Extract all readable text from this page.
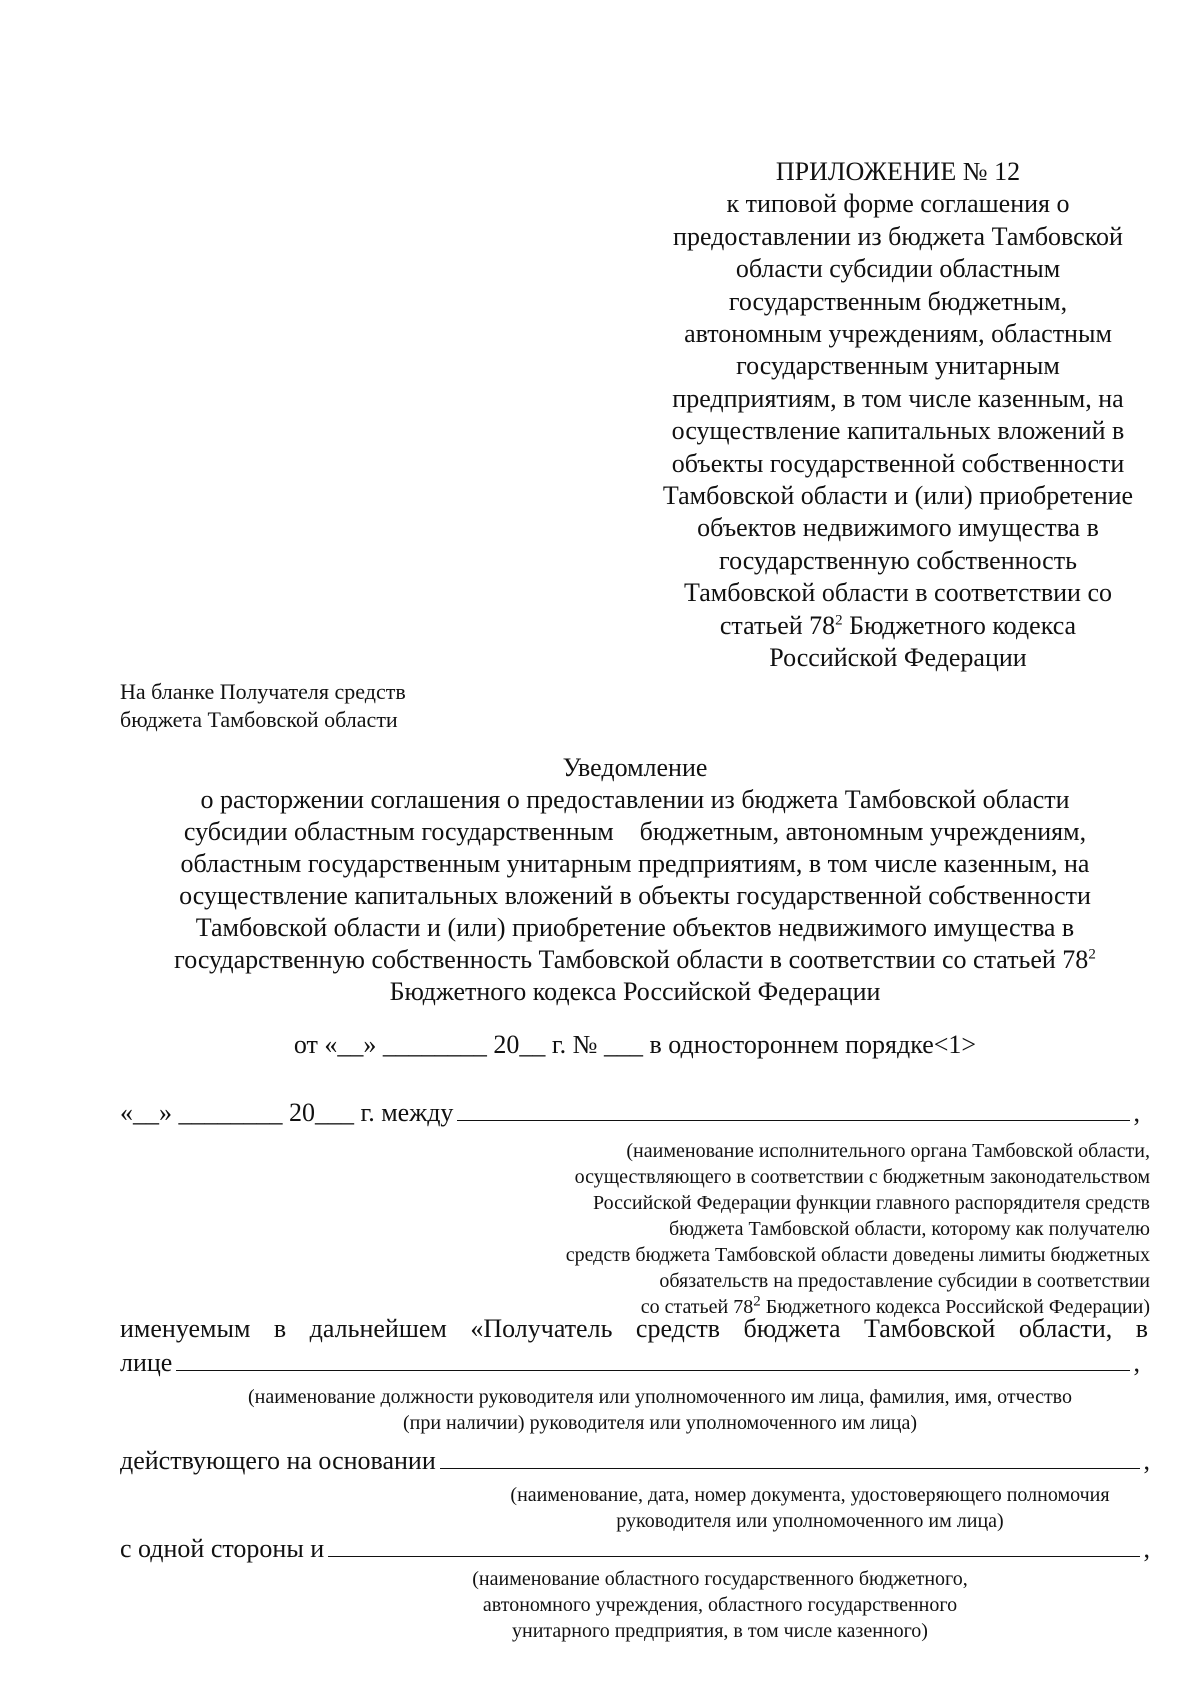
ПРИЛОЖЕНИЕ № 12
к типовой форме соглашения о
предоставлении из бюджета Тамбовской
области субсидии областным
государственным бюджетным,
автономным учреждениям, областным
государственным унитарным
предприятиям, в том числе казенным, на
осуществление капитальных вложений в
объекты государственной собственности
Тамбовской области и (или) приобретение
объектов недвижимого имущества в
государственную собственность
Тамбовской области в соответствии со
статьей $78^2$ Бюджетного кодекса
Российской Федерации
На бланке Получателя средств
бюджета Тамбовской области
Уведомление
о расторжении соглашения о предоставлении из бюджета Тамбовской области
субсидии областным государственным    бюджетным, автономным учреждениям,
областным государственным унитарным предприятиям, в том числе казенным, на
осуществление капитальных вложений в объекты государственной собственности
Тамбовской области и (или) приобретение объектов недвижимого имущества в
государственную собственность Тамбовской области в соответствии со статьей $78^2$
Бюджетного кодекса Российской Федерации
от «__» ________ 20__ г. № ___ в одностороннем порядке<1>
«__» ________ 20___ г. между	,
(наименование исполнительного органа Тамбовской области,
осуществляющего в соответствии с бюджетным законодательством
Российской Федерации функции главного распорядителя средств
бюджета Тамбовской области, которому как получателю
средств бюджета Тамбовской области доведены лимиты бюджетных
обязательств на предоставление субсидии в соответствии
со статьей $78^2$ Бюджетного кодекса Российской Федерации)
именуемым в дальнейшем «Получатель средств бюджета Тамбовской области, в
лице	,
(наименование должности руководителя или уполномоченного им лица, фамилия, имя, отчество
(при наличии) руководителя или уполномоченного им лица)
действующего на основании	,
(наименование, дата, номер документа, удостоверяющего полномочия
руководителя или уполномоченного им лица)
с одной стороны и	,
(наименование областного государственного бюджетного,
автономного учреждения, областного государственного
унитарного предприятия, в том числе казенного)
